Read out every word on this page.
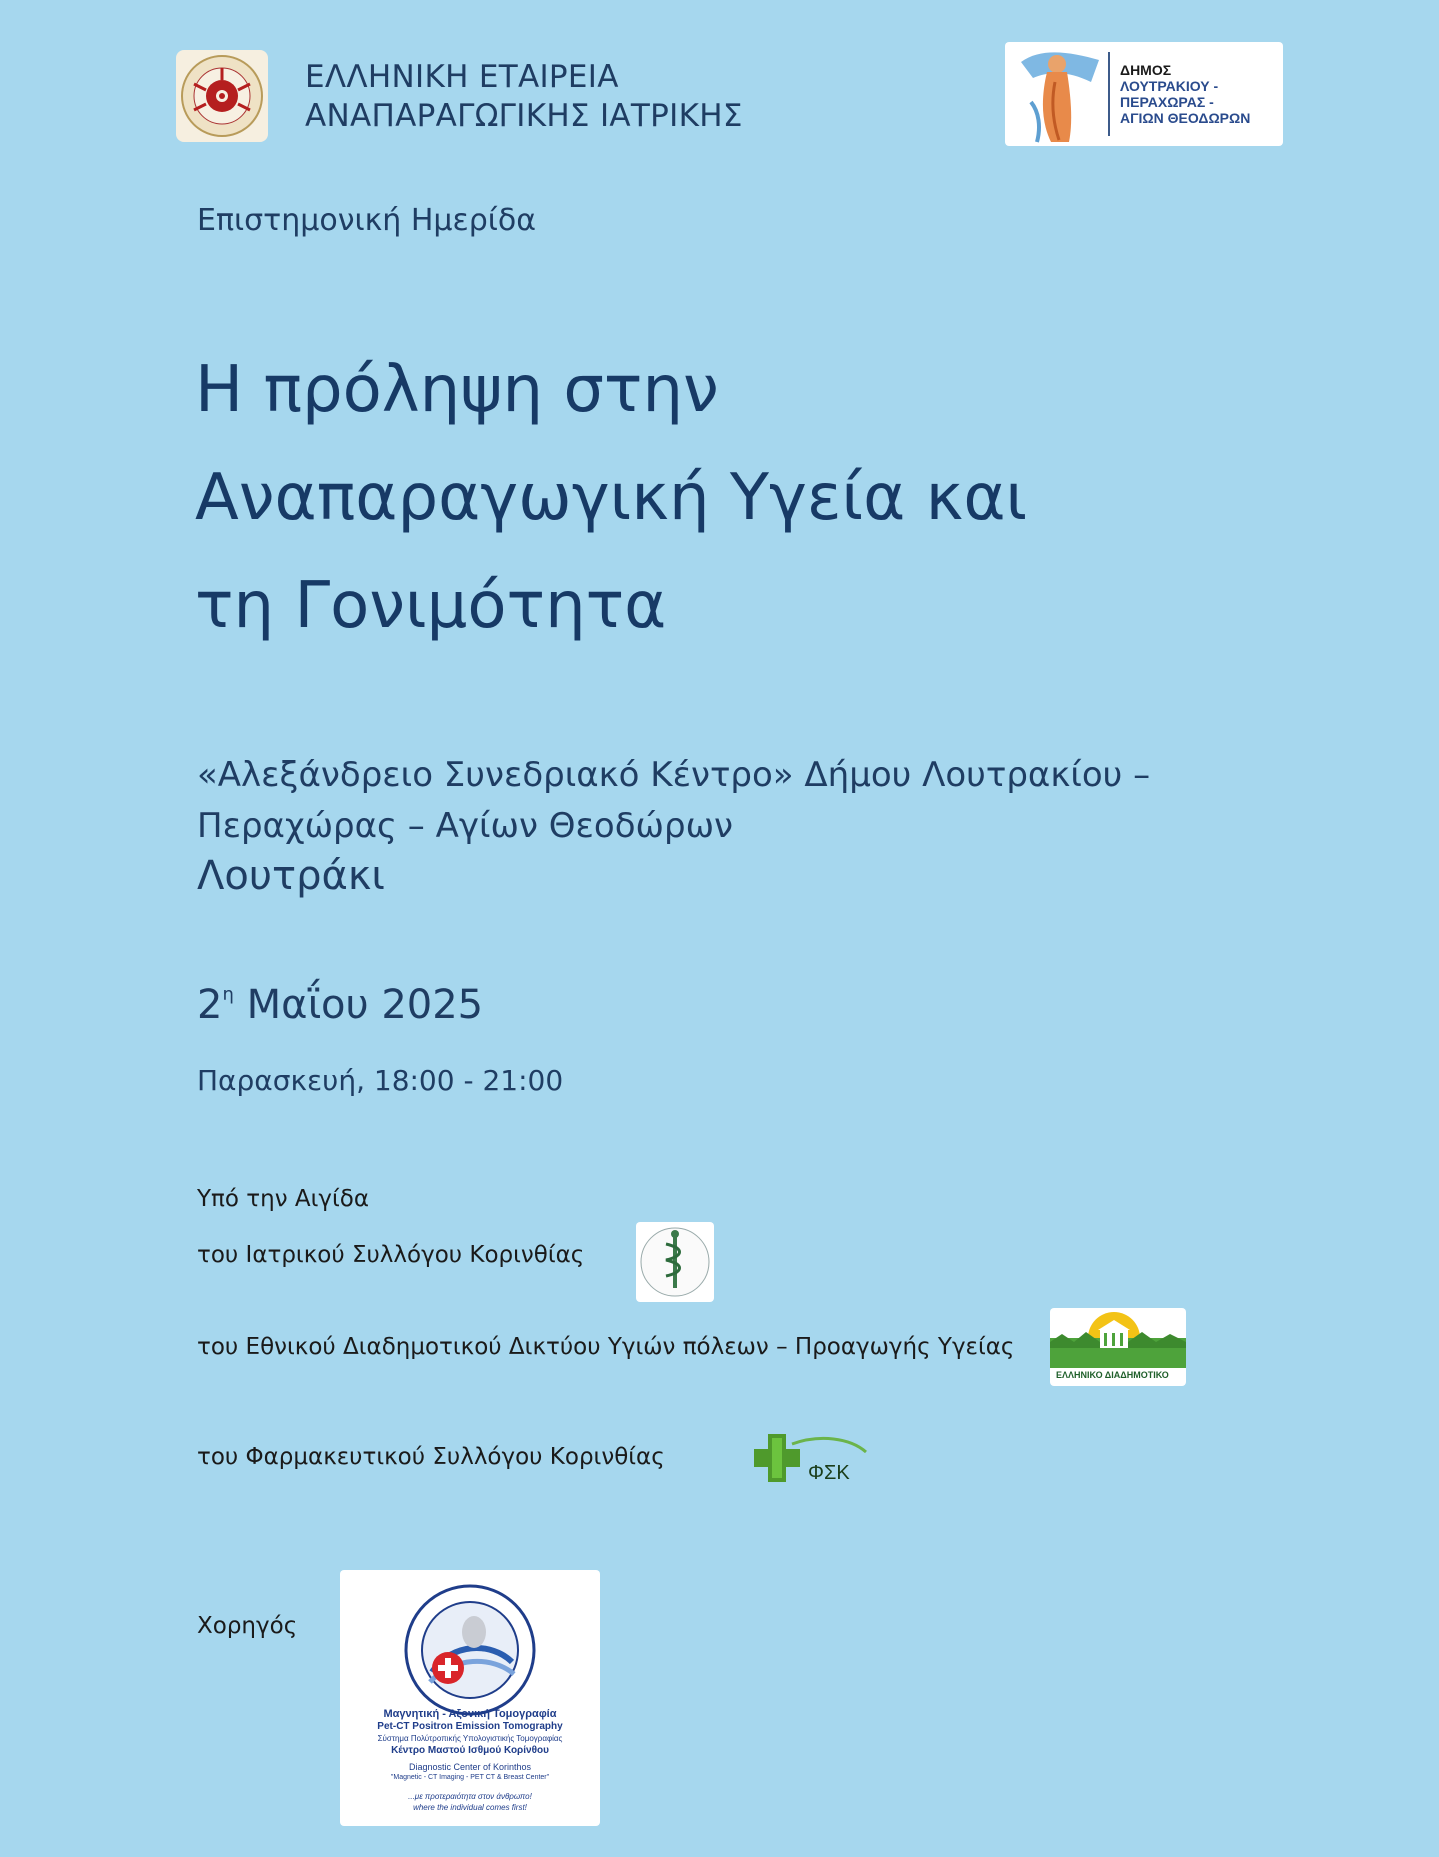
ΕΛΛΗΝΙΚΗ ΕΤΑΙΡΕΙΑ
ΑΝΑΠΑΡΑΓΩΓΙΚΗΣ ΙΑΤΡΙΚΗΣ
ΔΗΜΟΣ
ΛΟΥΤΡΑΚΙΟΥ -
ΠΕΡΑΧΩΡΑΣ -
ΑΓΙΩΝ ΘΕΟΔΩΡΩΝ
Επιστημονική Ημερίδα
Η πρόληψη στην
Αναπαραγωγική Υγεία και
τη Γονιμότητα
«Αλεξάνδρειο Συνεδριακό Κέντρο» Δήμου Λουτρακίου –
Περαχώρας – Αγίων Θεοδώρων
Λουτράκι
$2^\eta$ Μαΐου 2025
Παρασκευή, 18:00 - 21:00
Υπό την Αιγίδα
του Ιατρικού Συλλόγου Κορινθίας
του Εθνικού Διαδημοτικού Δικτύου Υγιών πόλεων – Προαγωγής Υγείας
ΕΛΛΗΝΙΚΟ ΔΙΑΔΗΜΟΤΙΚΟ
του Φαρμακευτικού Συλλόγου Κορινθίας
ΦΣΚ
Χορηγός
Μαγνητική - Αξονική Τομογραφία
Pet-CT Positron Emission Tomography
Σύστημα Πολύτροπικής Υπολογιστικής Τομογραφίας
Κέντρο Μαστού Ισθμού Κορίνθου
Diagnostic Center of Korinthos
"Magnetic - CT Imaging - PET CT & Breast Center"
...με προτεραιότητα στον άνθρωπο!
where the individual comes first!
